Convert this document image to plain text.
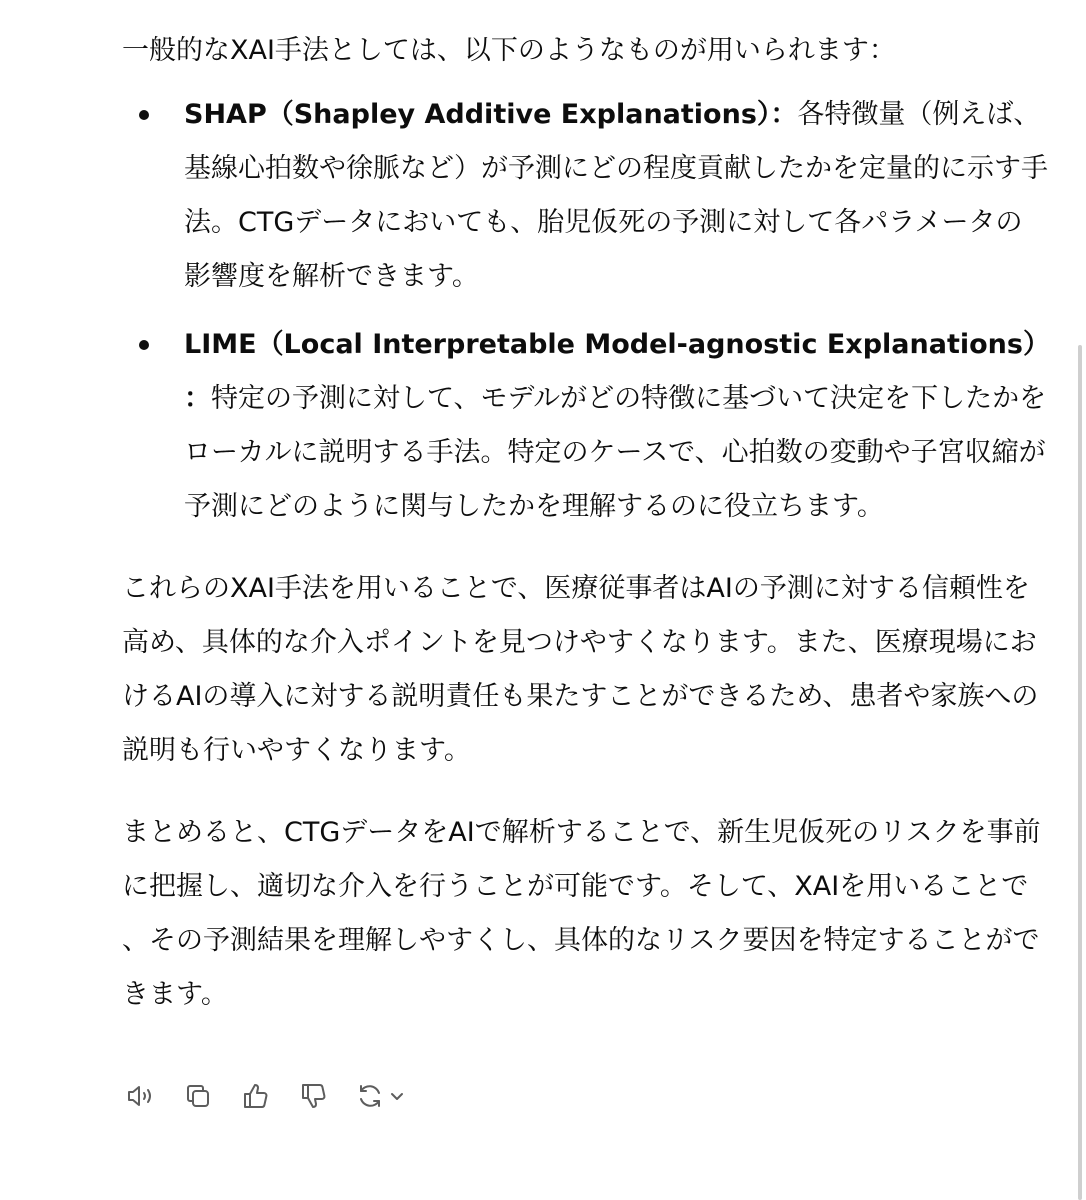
一般的なXAI手法としては、以下のようなものが用いられます：

SHAP（Shapley Additive Explanations）：各特徴量（例えば、基線心拍数や徐脈など）が予測にどの程度貢献したかを定量的に示す手法。CTGデータにおいても、胎児仮死の予測に対して各パラメータの影響度を解析できます。
LIME（Local Interpretable Model-agnostic Explanations）：特定の予測に対して、モデルがどの特徴に基づいて決定を下したかをローカルに説明する手法。特定のケースで、心拍数の変動や子宮収縮が予測にどのように関与したかを理解するのに役立ちます。

これらのXAI手法を用いることで、医療従事者はAIの予測に対する信頼性を高め、具体的な介入ポイントを見つけやすくなります。また、医療現場におけるAIの導入に対する説明責任も果たすことができるため、患者や家族への説明も行いやすくなります。

まとめると、CTGデータをAIで解析することで、新生児仮死のリスクを事前に把握し、適切な介入を行うことが可能です。そして、XAIを用いることで、その予測結果を理解しやすくし、具体的なリスク要因を特定することができます。
